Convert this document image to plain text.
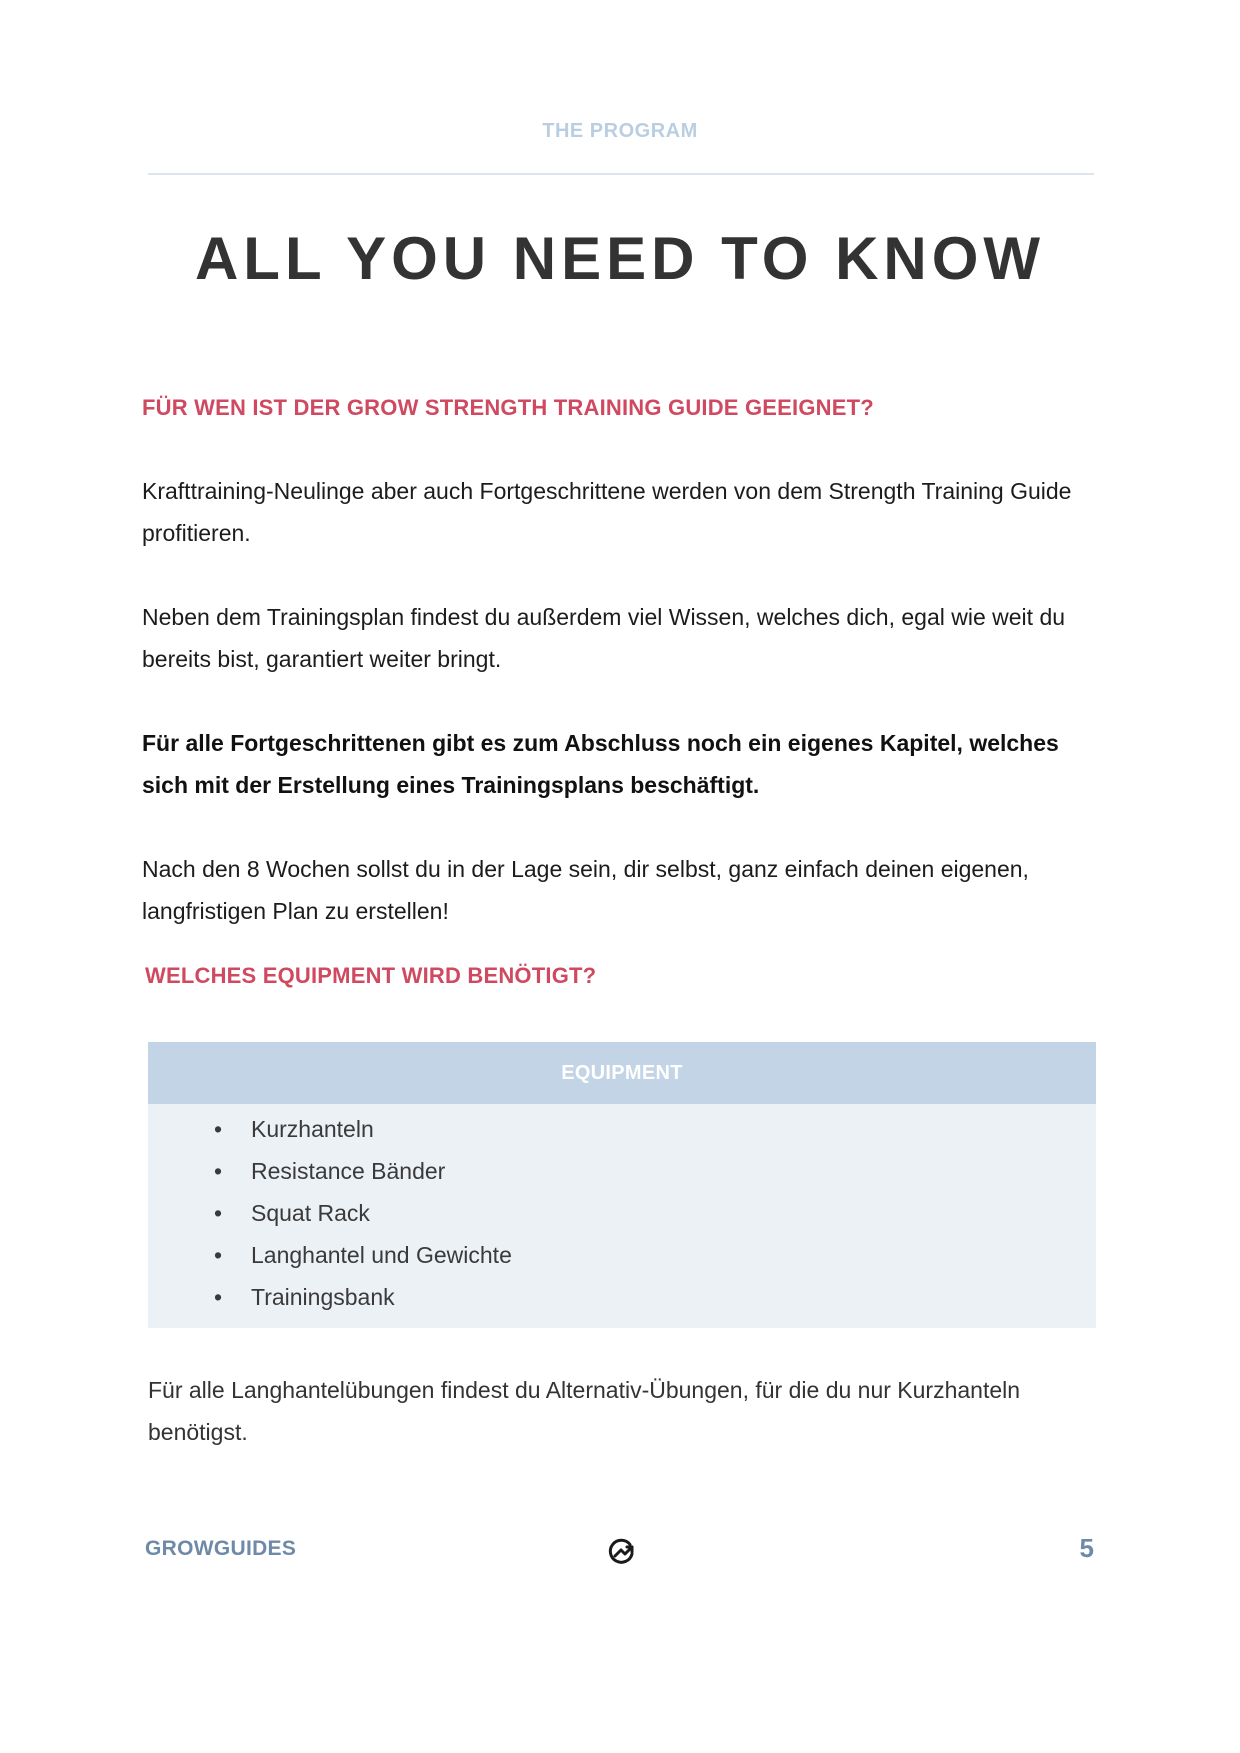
THE PROGRAM
ALL YOU NEED TO KNOW
FÜR WEN IST DER GROW STRENGTH TRAINING GUIDE GEEIGNET?
Krafttraining-Neulinge aber auch Fortgeschrittene werden von dem Strength Training Guide profitieren.
Neben dem Trainingsplan findest du außerdem viel Wissen, welches dich, egal wie weit du bereits bist, garantiert weiter bringt.
Für alle Fortgeschrittenen gibt es zum Abschluss noch ein eigenes Kapitel, welches sich mit der Erstellung eines Trainingsplans beschäftigt.
Nach den 8 Wochen sollst du in der Lage sein, dir selbst, ganz einfach deinen eigenen, langfristigen Plan zu erstellen!
WELCHES EQUIPMENT WIRD BENÖTIGT?
EQUIPMENT
• Kurzhanteln
• Resistance Bänder
• Squat Rack
• Langhantel und Gewichte
• Trainingsbank
Für alle Langhantelübungen findest du Alternativ-Übungen, für die du nur Kurzhanteln benötigst.
GROWGUIDES	5
